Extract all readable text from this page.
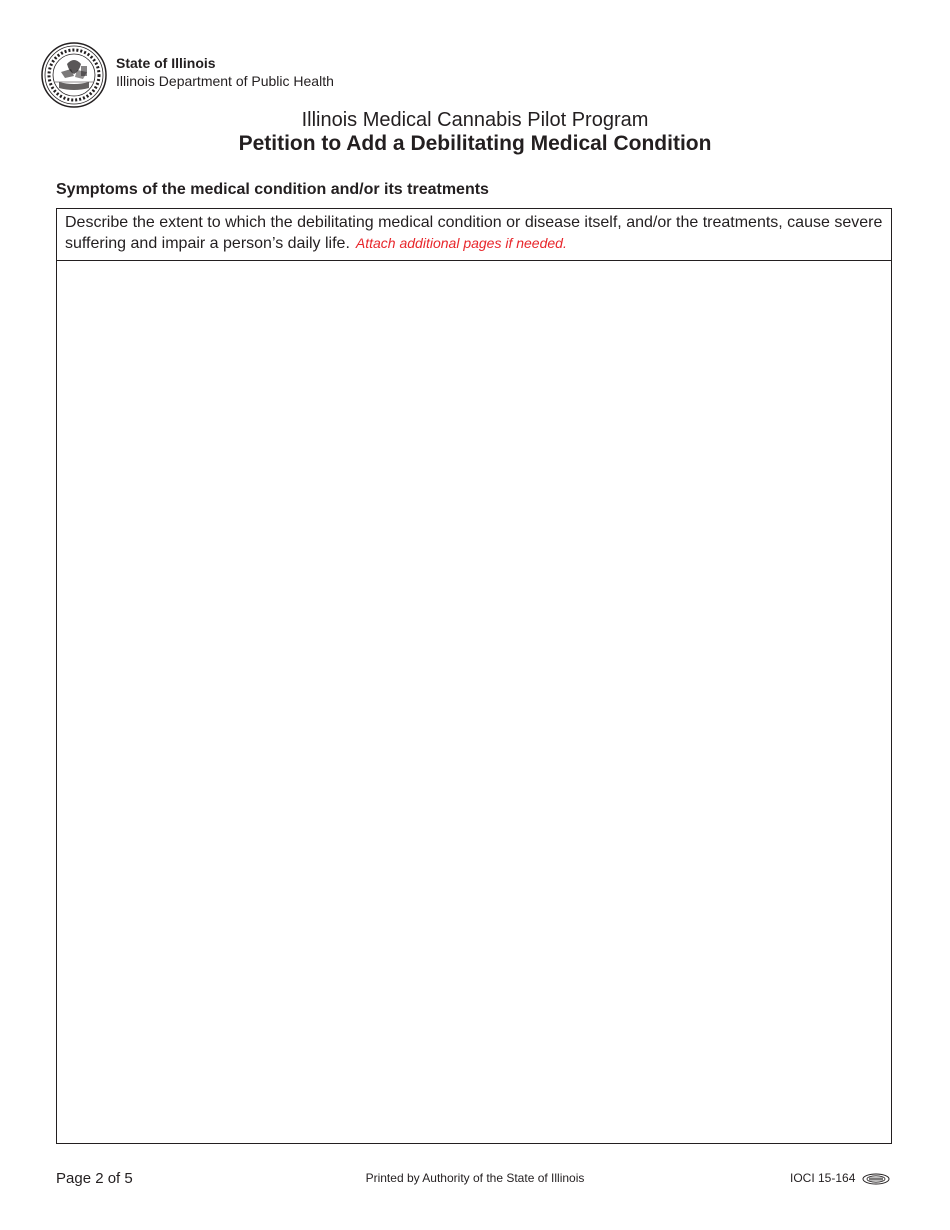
State of Illinois
Illinois Department of Public Health
Illinois Medical Cannabis Pilot Program
Petition to Add a Debilitating Medical Condition
Symptoms of the medical condition and/or its treatments
Describe the extent to which the debilitating medical condition or disease itself, and/or the treatments, cause severe suffering and impair a person’s daily life. Attach additional pages if needed.
Page 2 of 5	Printed by Authority of the State of Illinois	IOCI 15-164
